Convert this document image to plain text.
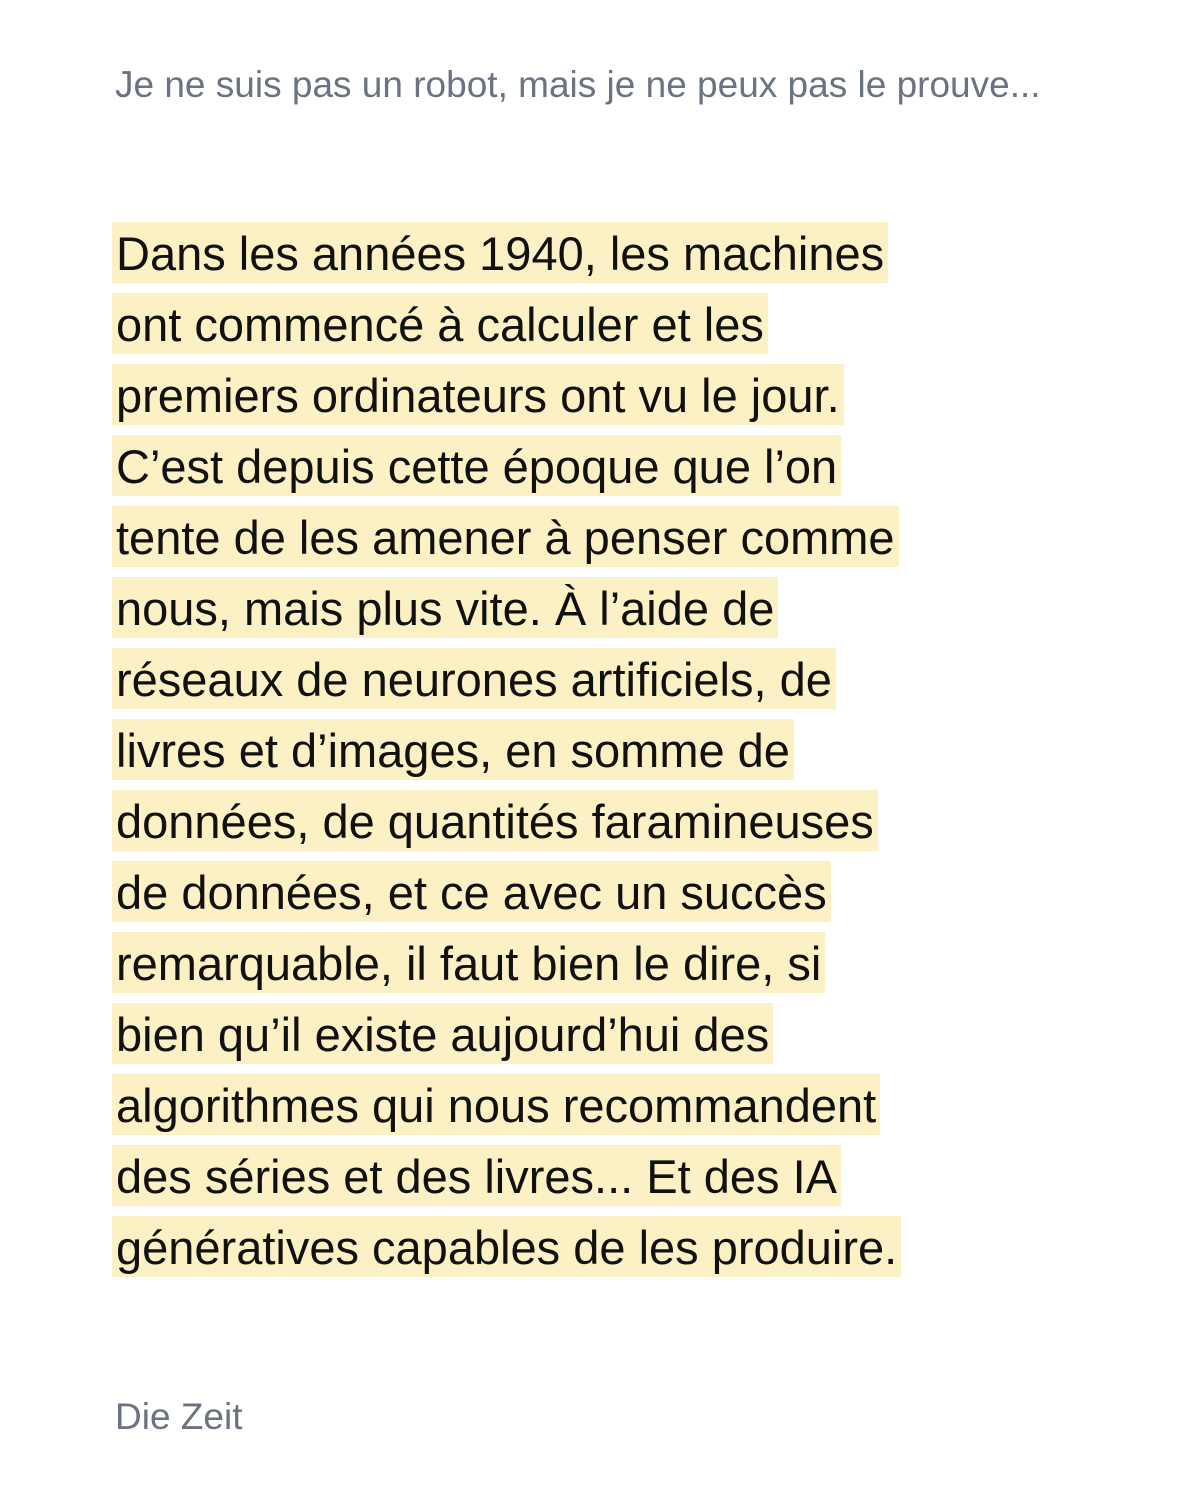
Je ne suis pas un robot, mais je ne peux pas le prouve...
Dans les années 1940, les machines
ont commencé à calculer et les
premiers ordinateurs ont vu le jour.
C’est depuis cette époque que l’on
tente de les amener à penser comme
nous, mais plus vite. À l’aide de
réseaux de neurones artificiels, de
livres et d’images, en somme de
données, de quantités faramineuses
de données, et ce avec un succès
remarquable, il faut bien le dire, si
bien qu’il existe aujourd’hui des
algorithmes qui nous recommandent
des séries et des livres... Et des IA
génératives capables de les produire.
Die Zeit
